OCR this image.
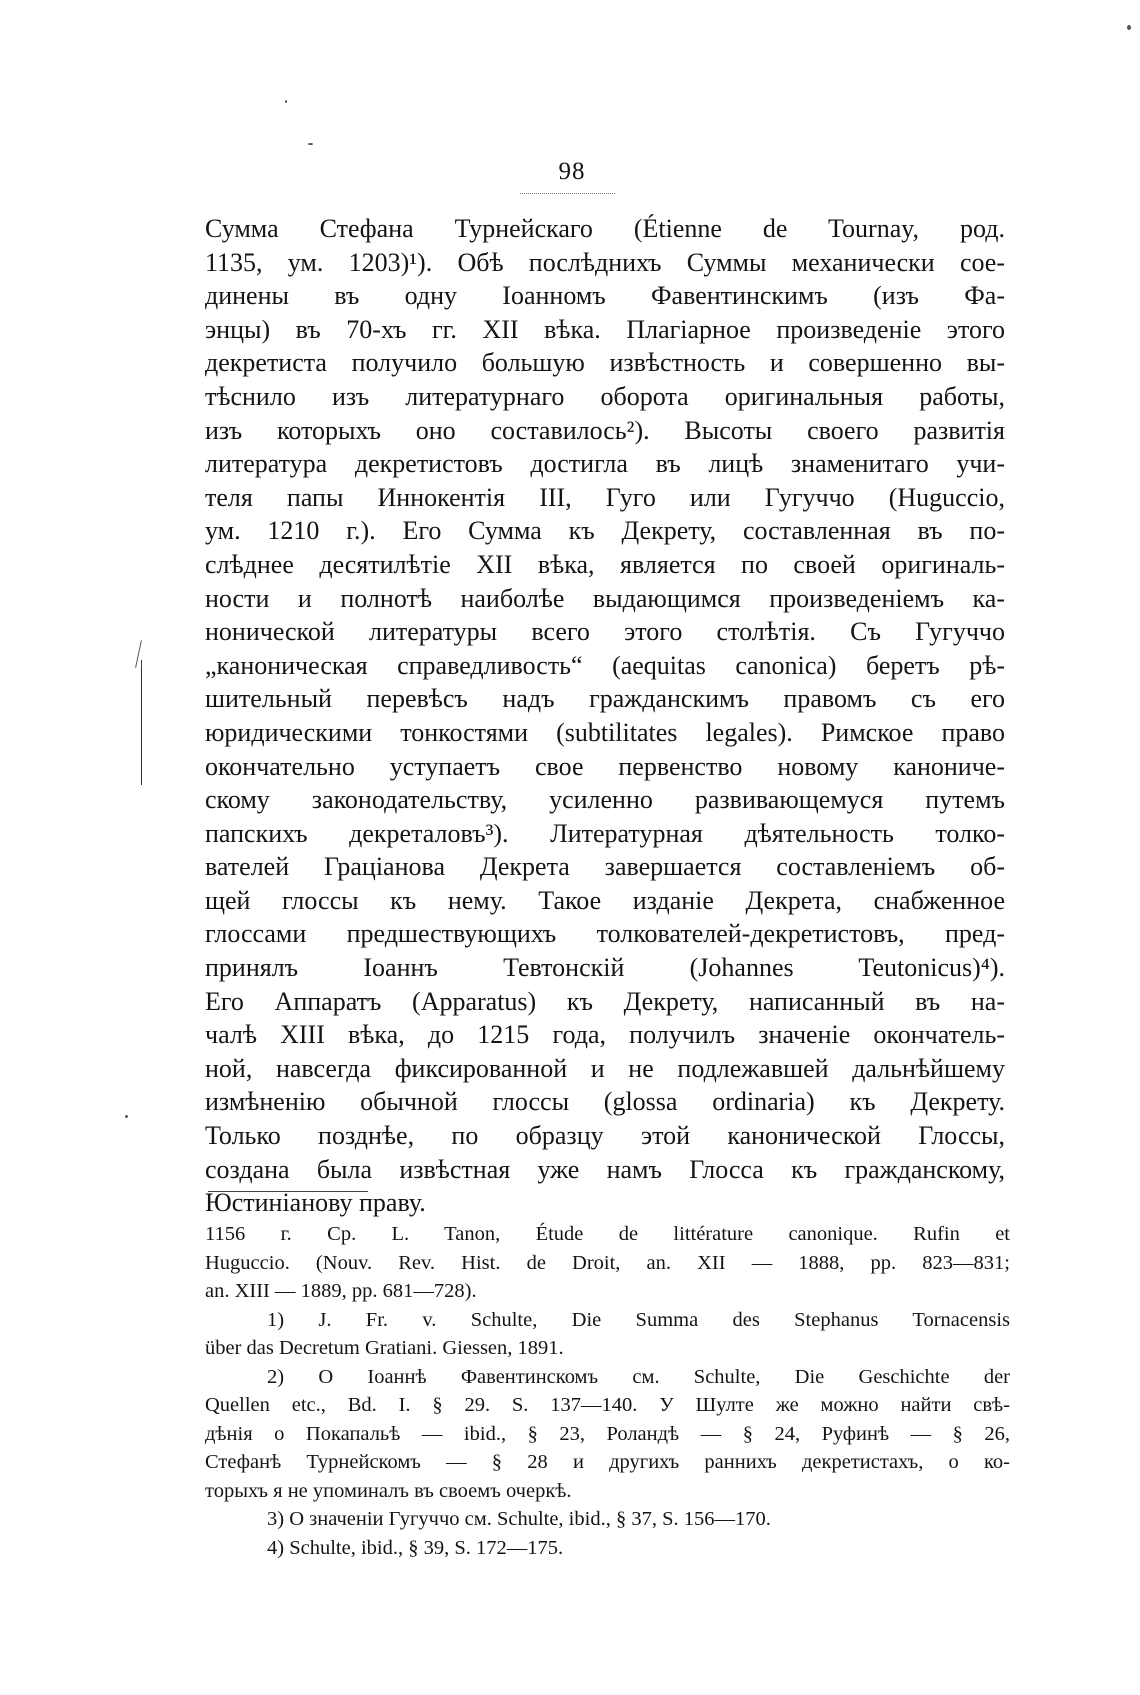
98
Сумма Стефана Турнейскаго (Étienne de Tournay, род.
1135, ум. 1203)¹). Обѣ послѣднихъ Суммы механически сое-
динены въ одну Іоанномъ Фавентинскимъ (изъ Фа-
энцы) въ 70-хъ гг. XII вѣка. Плагіарное произведеніе этого
декретиста получило большую извѣстность и совершенно вы-
тѣснило изъ литературнаго оборота оригинальныя работы,
изъ которыхъ оно составилось²). Высоты своего развитія
литература декретистовъ достигла въ лицѣ знаменитаго учи-
теля папы Иннокентія III, Гуго или Гугуччо (Huguccio,
ум. 1210 г.). Его Сумма къ Декрету, составленная въ по-
слѣднее десятилѣтіе XII вѣка, является по своей оригиналь-
ности и полнотѣ наиболѣе выдающимся произведеніемъ ка-
нонической литературы всего этого столѣтія. Съ Гугуччо
„каноническая справедливость“ (aequitas canonica) беретъ рѣ-
шительный перевѣсъ надъ гражданскимъ правомъ съ его
юридическими тонкостями (subtilitates legales). Римское право
окончательно уступаетъ свое первенство новому канониче-
скому законодательству, усиленно развивающемуся путемъ
папскихъ декреталовъ³). Литературная дѣятельность толко-
вателей Граціанова Декрета завершается составленіемъ об-
щей глоссы къ нему. Такое изданіе Декрета, снабженное
глоссами предшествующихъ толкователей-декретистовъ, пред-
принялъ Іоаннъ Тевтонскій (Johannes Teutonicus)⁴).
Его Аппаратъ (Apparatus) къ Декрету, написанный въ на-
чалѣ XIII вѣка, до 1215 года, получилъ значеніе окончатель-
ной, навсегда фиксированной и не подлежавшей дальнѣйшему
измѣненію обычной глоссы (glossa ordinaria) къ Декрету.
Только позднѣе, по образцу этой канонической Глоссы,
создана была извѣстная уже намъ Глосса къ гражданскому,
Юстиніанову праву.
1156 г. Cp. L. Tanon, Étude de littérature canonique. Rufin et
Huguccio. (Nouv. Rev. Hist. de Droit, an. XII — 1888, pp. 823—831;
an. XIII — 1889, pp. 681—728).
1) J. Fr. v. Schulte, Die Summa des Stephanus Tornacensis
über das Decretum Gratiani. Giessen, 1891.
2) О Іоаннѣ Фавентинскомъ см. Schulte, Die Geschichte der
Quellen etc., Bd. I. § 29. S. 137—140. У Шулте же можно найти свѣ-
дѣнія о Покапальѣ — ibid., § 23, Роландѣ — § 24, Руфинѣ — § 26,
Стефанѣ Турнейскомъ — § 28 и другихъ раннихъ декретистахъ, о ко-
торыхъ я не упоминалъ въ своемъ очеркѣ.
3) О значеніи Гугуччо см. Schulte, ibid., § 37, S. 156—170.
4) Schulte, ibid., § 39, S. 172—175.
